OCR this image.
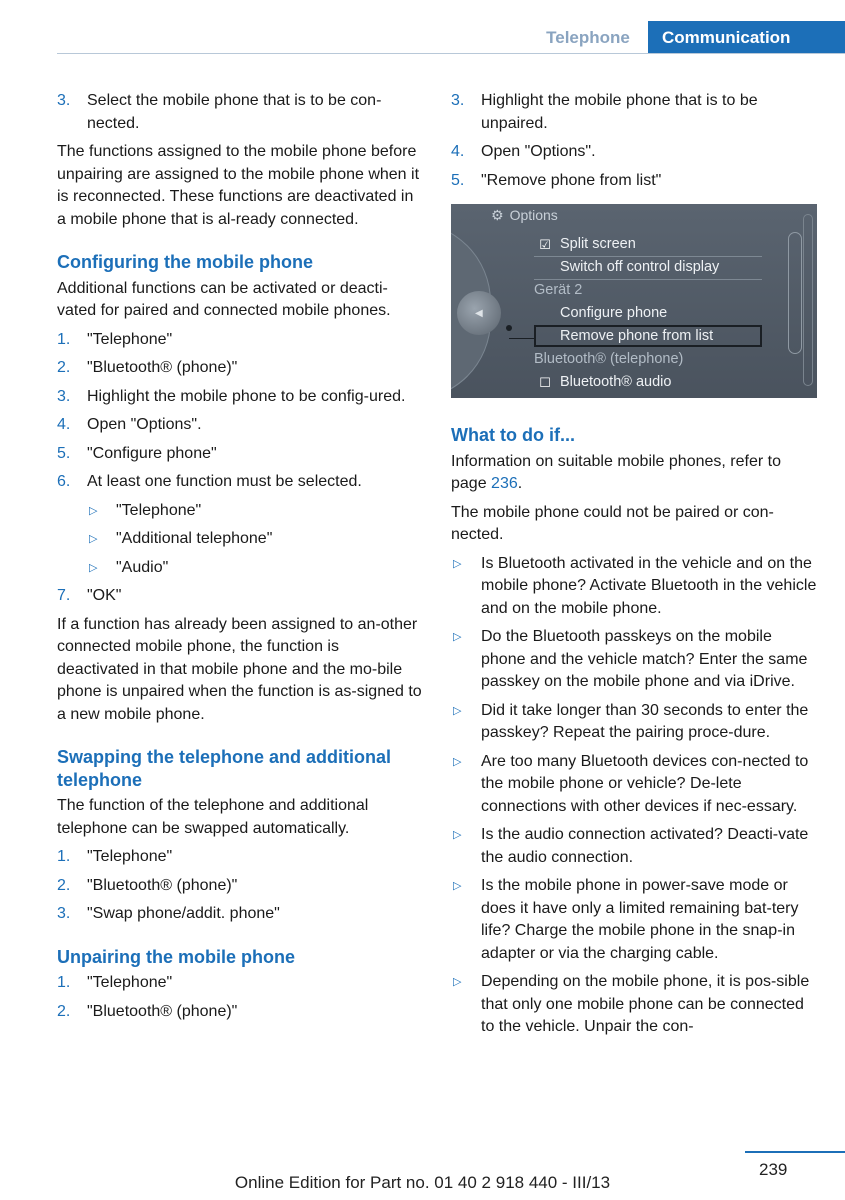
Telephone	Communication
3. Select the mobile phone that is to be con-nected.

The functions assigned to the mobile phone before unpairing are assigned to the mobile phone when it is reconnected. These functions are deactivated in a mobile phone that is al-ready connected.

Configuring the mobile phone

Additional functions can be activated or deacti-vated for paired and connected mobile phones.

1. "Telephone"
2. "Bluetooth® (phone)"
3. Highlight the mobile phone to be config-ured.
4. Open "Options".
5. "Configure phone"
6. At least one function must be selected.
▷ "Telephone"
▷ "Additional telephone"
▷ "Audio"
7. "OK"

If a function has already been assigned to an-other connected mobile phone, the function is deactivated in that mobile phone and the mo-bile phone is unpaired when the function is as-signed to a new mobile phone.

Swapping the telephone and additional telephone

The function of the telephone and additional telephone can be swapped automatically.

1. "Telephone"
2. "Bluetooth® (phone)"
3. "Swap phone/addit. phone"
Unpairing the mobile phone
1. "Telephone"
2. "Bluetooth® (phone)"
3. Highlight the mobile phone that is to be unpaired.
4. Open "Options".
5. "Remove phone from list"
◀
⚙ Options
☑ Split screen
Switch off control display
Gerät 2
Configure phone
Remove phone from list
Bluetooth® (telephone)
☐ Bluetooth® audio
What to do if...

Information on suitable mobile phones, refer to page 236.

The mobile phone could not be paired or con-nected.

▷ Is Bluetooth activated in the vehicle and on the mobile phone? Activate Bluetooth in the vehicle and on the mobile phone.
▷ Do the Bluetooth passkeys on the mobile phone and the vehicle match? Enter the same passkey on the mobile phone and via iDrive.
▷ Did it take longer than 30 seconds to enter the passkey? Repeat the pairing proce-dure.
▷ Are too many Bluetooth devices con-nected to the mobile phone or vehicle? De-lete connections with other devices if nec-essary.
▷ Is the audio connection activated? Deacti-vate the audio connection.
▷ Is the mobile phone in power-save mode or does it have only a limited remaining bat-tery life? Charge the mobile phone in the snap-in adapter or via the charging cable.
▷ Depending on the mobile phone, it is pos-sible that only one mobile phone can be connected to the vehicle. Unpair the con-
239
Online Edition for Part no. 01 40 2 918 440 - III/13
